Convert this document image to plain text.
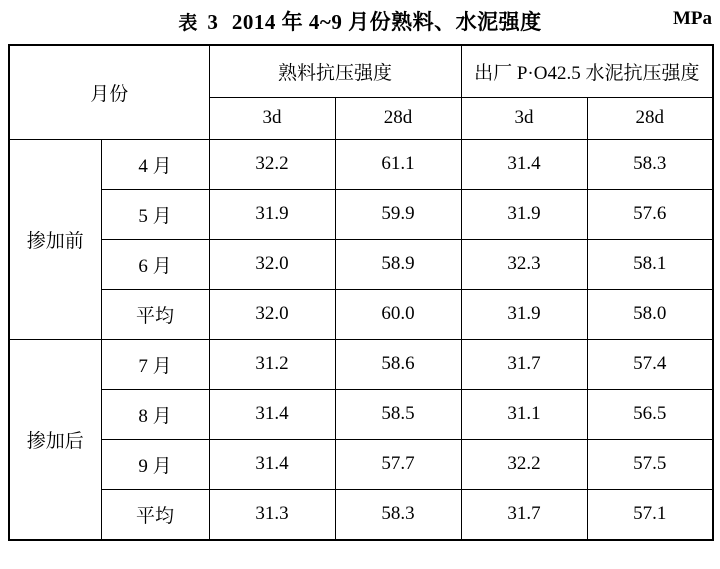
表 3 2014 年 4~9 月份熟料、水泥强度	MPa
月份		熟料抗压强度		出厂 P·O42.5 水泥抗压强度	
		3d	28d	3d	28d
掺加前	4 月	32.2	61.1	31.4	58.3
	5 月	31.9	59.9	31.9	57.6
	6 月	32.0	58.9	32.3	58.1
	平均	32.0	60.0	31.9	58.0
掺加后	7 月	31.2	58.6	31.7	57.4
	8 月	31.4	58.5	31.1	56.5
	9 月	31.4	57.7	32.2	57.5
	平均	31.3	58.3	31.7	57.1
